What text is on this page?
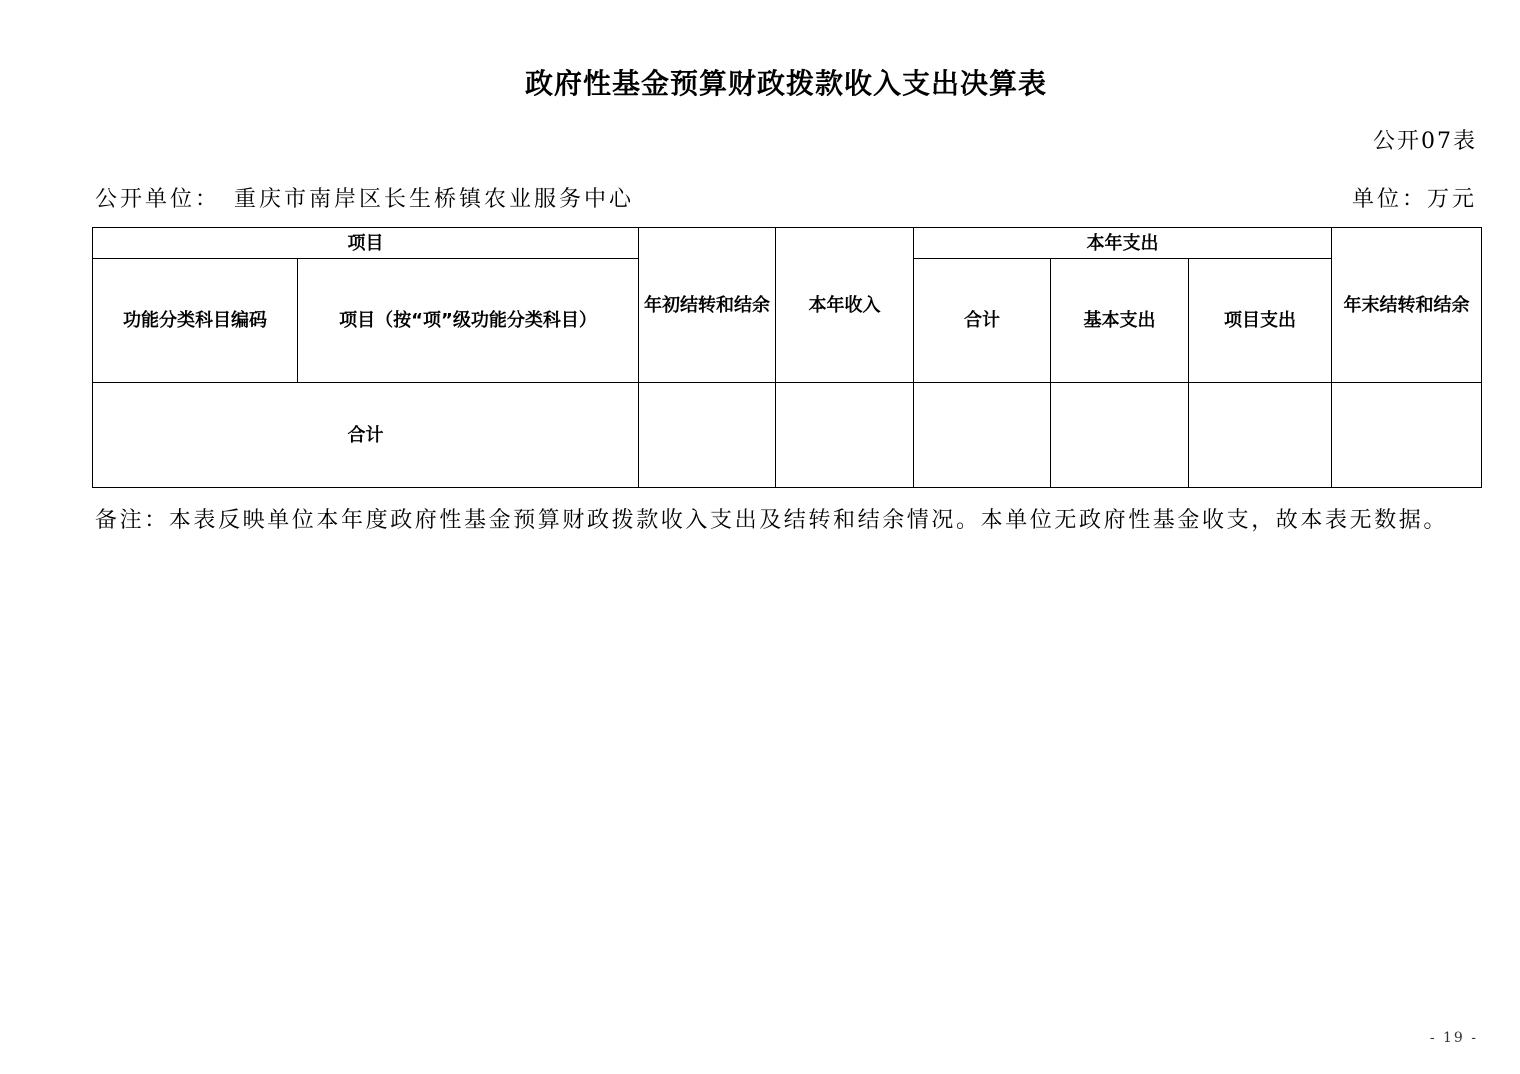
政府性基金预算财政拨款收入支出决算表
公开07表
公开单位： 重庆市南岸区长生桥镇农业服务中心	单位：万元
项目		年初结转和结余	本年收入	本年支出			年末结转和结余
功能分类科目编码	项目（按“项”级功能分类科目）			合计	基本支出	项目支出	
合计							
备注：本表反映单位本年度政府性基金预算财政拨款收入支出及结转和结余情况。本单位无政府性基金收支，故本表无数据。
- 19 -
